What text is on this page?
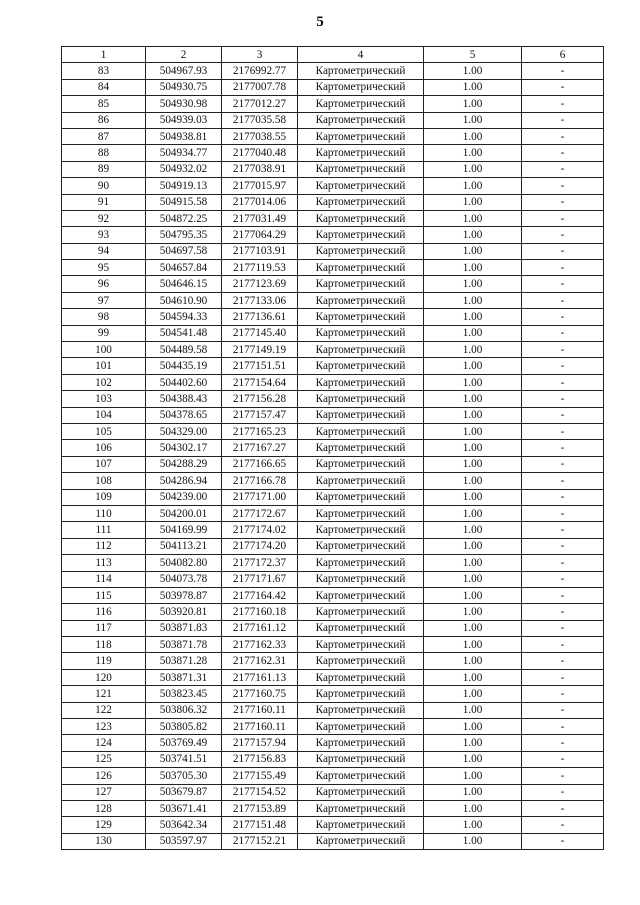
5
1	2	3	4	5	6
83	504967.93	2176992.77	Картометрический	1.00	-
84	504930.75	2177007.78	Картометрический	1.00	-
85	504930.98	2177012.27	Картометрический	1.00	-
86	504939.03	2177035.58	Картометрический	1.00	-
87	504938.81	2177038.55	Картометрический	1.00	-
88	504934.77	2177040.48	Картометрический	1.00	-
89	504932.02	2177038.91	Картометрический	1.00	-
90	504919.13	2177015.97	Картометрический	1.00	-
91	504915.58	2177014.06	Картометрический	1.00	-
92	504872.25	2177031.49	Картометрический	1.00	-
93	504795.35	2177064.29	Картометрический	1.00	-
94	504697.58	2177103.91	Картометрический	1.00	-
95	504657.84	2177119.53	Картометрический	1.00	-
96	504646.15	2177123.69	Картометрический	1.00	-
97	504610.90	2177133.06	Картометрический	1.00	-
98	504594.33	2177136.61	Картометрический	1.00	-
99	504541.48	2177145.40	Картометрический	1.00	-
100	504489.58	2177149.19	Картометрический	1.00	-
101	504435.19	2177151.51	Картометрический	1.00	-
102	504402.60	2177154.64	Картометрический	1.00	-
103	504388.43	2177156.28	Картометрический	1.00	-
104	504378.65	2177157.47	Картометрический	1.00	-
105	504329.00	2177165.23	Картометрический	1.00	-
106	504302.17	2177167.27	Картометрический	1.00	-
107	504288.29	2177166.65	Картометрический	1.00	-
108	504286.94	2177166.78	Картометрический	1.00	-
109	504239.00	2177171.00	Картометрический	1.00	-
110	504200.01	2177172.67	Картометрический	1.00	-
111	504169.99	2177174.02	Картометрический	1.00	-
112	504113.21	2177174.20	Картометрический	1.00	-
113	504082.80	2177172.37	Картометрический	1.00	-
114	504073.78	2177171.67	Картометрический	1.00	-
115	503978.87	2177164.42	Картометрический	1.00	-
116	503920.81	2177160.18	Картометрический	1.00	-
117	503871.83	2177161.12	Картометрический	1.00	-
118	503871.78	2177162.33	Картометрический	1.00	-
119	503871.28	2177162.31	Картометрический	1.00	-
120	503871.31	2177161.13	Картометрический	1.00	-
121	503823.45	2177160.75	Картометрический	1.00	-
122	503806.32	2177160.11	Картометрический	1.00	-
123	503805.82	2177160.11	Картометрический	1.00	-
124	503769.49	2177157.94	Картометрический	1.00	-
125	503741.51	2177156.83	Картометрический	1.00	-
126	503705.30	2177155.49	Картометрический	1.00	-
127	503679.87	2177154.52	Картометрический	1.00	-
128	503671.41	2177153.89	Картометрический	1.00	-
129	503642.34	2177151.48	Картометрический	1.00	-
130	503597.97	2177152.21	Картометрический	1.00	-
